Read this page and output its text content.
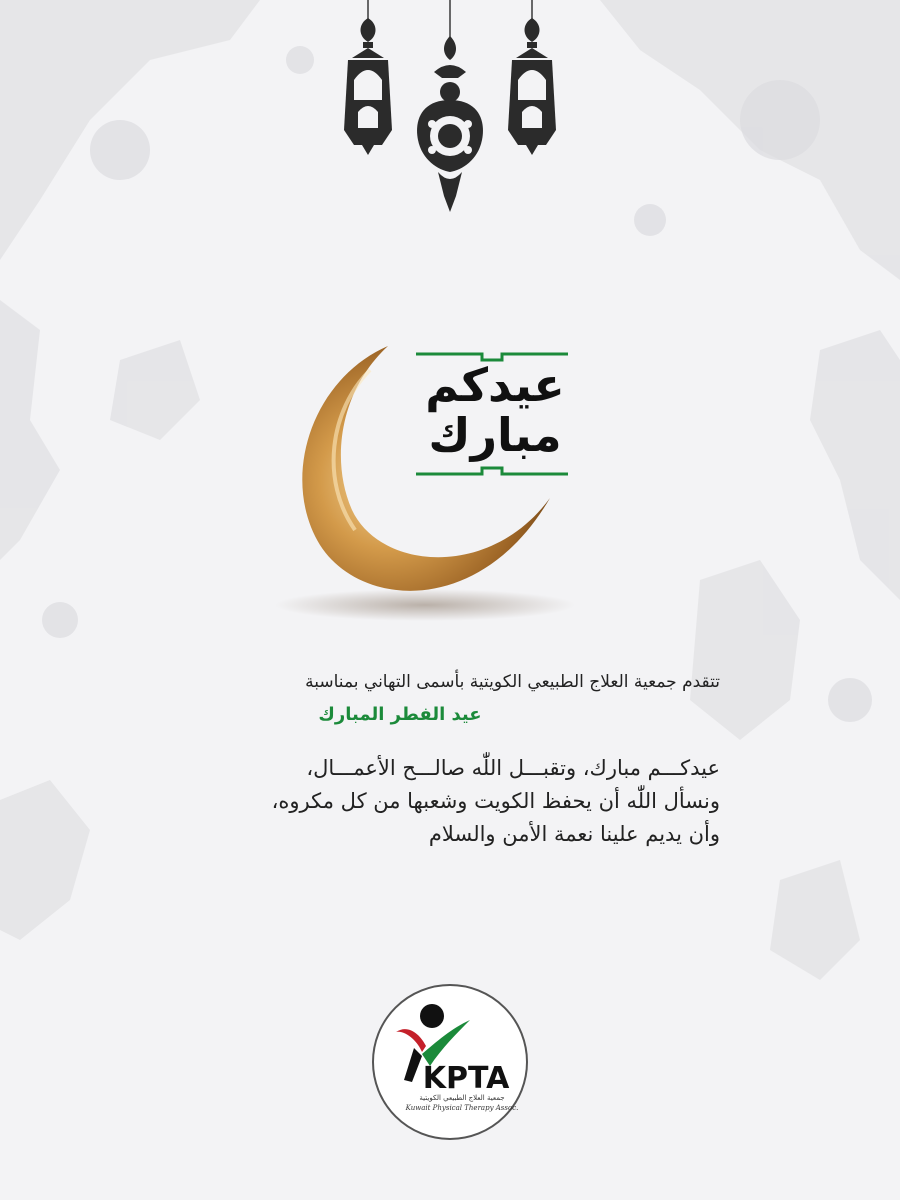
عيدكم
مبارك
تتقدم جمعية العلاج الطبيعي الكويتية بأسمى التهاني بمناسبة
عيد الفطر المبارك
عيدكـــم مبارك، وتقبـــل اللّٰه صالـــح الأعمـــال،
ونسأل اللّٰه أن يحفظ الكويت وشعبها من كل مكروه،
وأن يديم علينا نعمة الأمن والسلام
KPTA
جمعية العلاج الطبيعي الكويتية
Kuwait Physical Therapy Assoc.
